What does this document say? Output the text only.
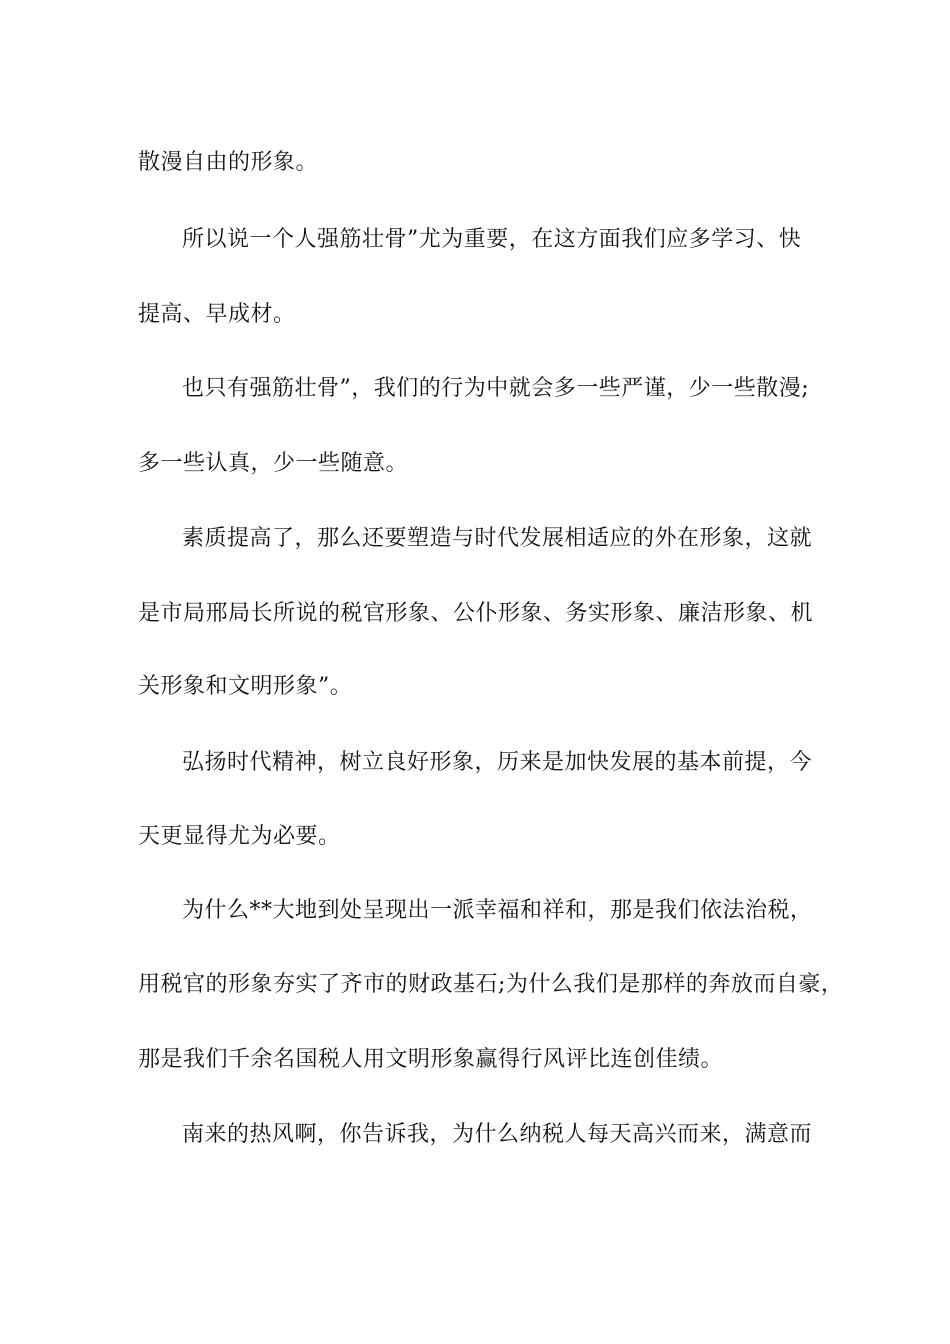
散漫自由的形象。
所以说一个人强筋壮骨”尤为重要，在这方面我们应多学习、快
提高、早成材。
也只有强筋壮骨”，我们的行为中就会多一些严谨，少一些散漫;
多一些认真，少一些随意。
素质提高了，那么还要塑造与时代发展相适应的外在形象，这就
是市局邢局长所说的税官形象、公仆形象、务实形象、廉洁形象、机
关形象和文明形象”。
弘扬时代精神，树立良好形象，历来是加快发展的基本前提，今
天更显得尤为必要。
为什么**大地到处呈现出一派幸福和祥和，那是我们依法治税，
用税官的形象夯实了齐市的财政基石;为什么我们是那样的奔放而自豪，
那是我们千余名国税人用文明形象赢得行风评比连创佳绩。
南来的热风啊，你告诉我，为什么纳税人每天高兴而来，满意而
